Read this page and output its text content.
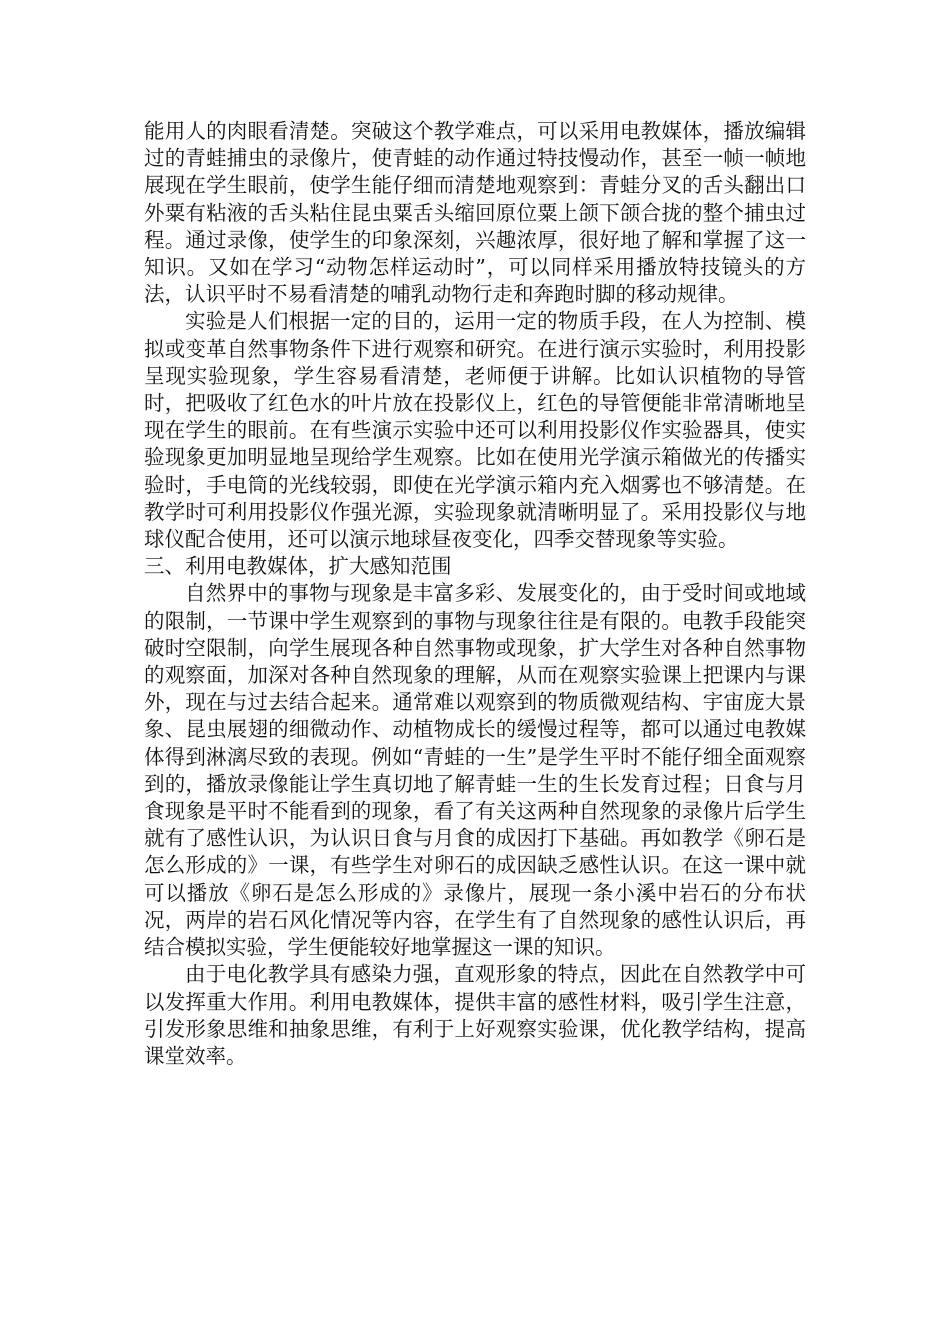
能用人的肉眼看清楚。突破这个教学难点，可以采用电教媒体，播放编辑过的青蛙捕虫的录像片，使青蛙的动作通过特技慢动作，甚至一帧一帧地展现在学生眼前，使学生能仔细而清楚地观察到：青蛙分叉的舌头翻出口外粟有粘液的舌头粘住昆虫粟舌头缩回原位粟上颌下颌合拢的整个捕虫过程。通过录像，使学生的印象深刻，兴趣浓厚，很好地了解和掌握了这一知识。又如在学习“动物怎样运动时”，可以同样采用播放特技镜头的方法，认识平时不易看清楚的哺乳动物行走和奔跑时脚的移动规律。

实验是人们根据一定的目的，运用一定的物质手段，在人为控制、模拟或变革自然事物条件下进行观察和研究。在进行演示实验时，利用投影呈现实验现象，学生容易看清楚，老师便于讲解。比如认识植物的导管时，把吸收了红色水的叶片放在投影仪上，红色的导管便能非常清晰地呈现在学生的眼前。在有些演示实验中还可以利用投影仪作实验器具，使实验现象更加明显地呈现给学生观察。比如在使用光学演示箱做光的传播实验时，手电筒的光线较弱，即使在光学演示箱内充入烟雾也不够清楚。在教学时可利用投影仪作强光源，实验现象就清晰明显了。采用投影仪与地球仪配合使用，还可以演示地球昼夜变化，四季交替现象等实验。

三、利用电教媒体，扩大感知范围

自然界中的事物与现象是丰富多彩、发展变化的，由于受时间或地域的限制，一节课中学生观察到的事物与现象往往是有限的。电教手段能突破时空限制，向学生展现各种自然事物或现象，扩大学生对各种自然事物的观察面，加深对各种自然现象的理解，从而在观察实验课上把课内与课外，现在与过去结合起来。通常难以观察到的物质微观结构、宇宙庞大景象、昆虫展翅的细微动作、动植物成长的缓慢过程等，都可以通过电教媒体得到淋漓尽致的表现。例如“青蛙的一生”是学生平时不能仔细全面观察到的，播放录像能让学生真切地了解青蛙一生的生长发育过程；日食与月食现象是平时不能看到的现象，看了有关这两种自然现象的录像片后学生就有了感性认识，为认识日食与月食的成因打下基础。再如教学《卵石是怎么形成的》一课，有些学生对卵石的成因缺乏感性认识。在这一课中就可以播放《卵石是怎么形成的》录像片，展现一条小溪中岩石的分布状况，两岸的岩石风化情况等内容，在学生有了自然现象的感性认识后，再结合模拟实验，学生便能较好地掌握这一课的知识。

由于电化教学具有感染力强，直观形象的特点，因此在自然教学中可以发挥重大作用。利用电教媒体，提供丰富的感性材料，吸引学生注意，引发形象思维和抽象思维，有利于上好观察实验课，优化教学结构，提高课堂效率。
